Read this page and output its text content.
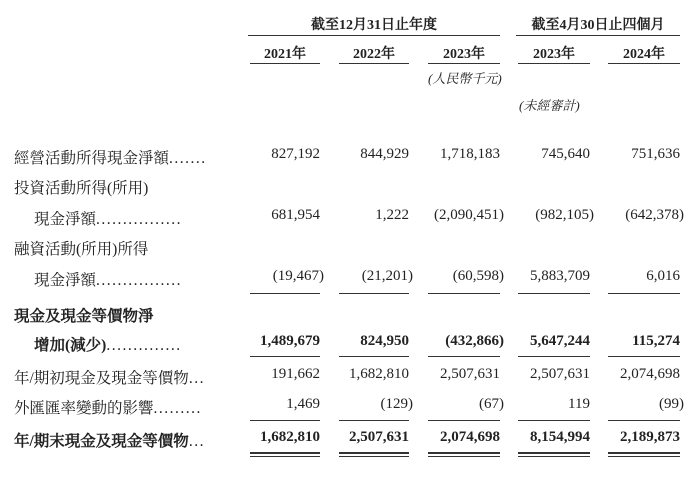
截至12月31日止年度	截至4月30日止四個月
2021年	2022年	2023年	2023年	2024年
(人民幣千元)
(未經審計)
經營活動所得現金淨額.......	827,192	844,929 1,718,183	745,640	751,636
投資活動所得(所用)
現金淨額................	681,954	1,222 (2,090,451) (982,105) (642,378)
融資活動(所用)所得
現金淨額................	(19,467)	(21,201)	(60,598) 5,883,709	6,016
現金及現金等價物淨
增加(減少)..............	1,489,679	824,950 (432,866) 5,647,244	115,274
年/期初現金及現金等價物...	191,662 1,682,810 2,507,631 2,507,631 2,074,698
外匯匯率變動的影響.........	1,469	(129)	(67)	119	(99)
年/期末現金及現金等價物...	1,682,810 2,507,631 2,074,698 8,154,994 2,189,873
